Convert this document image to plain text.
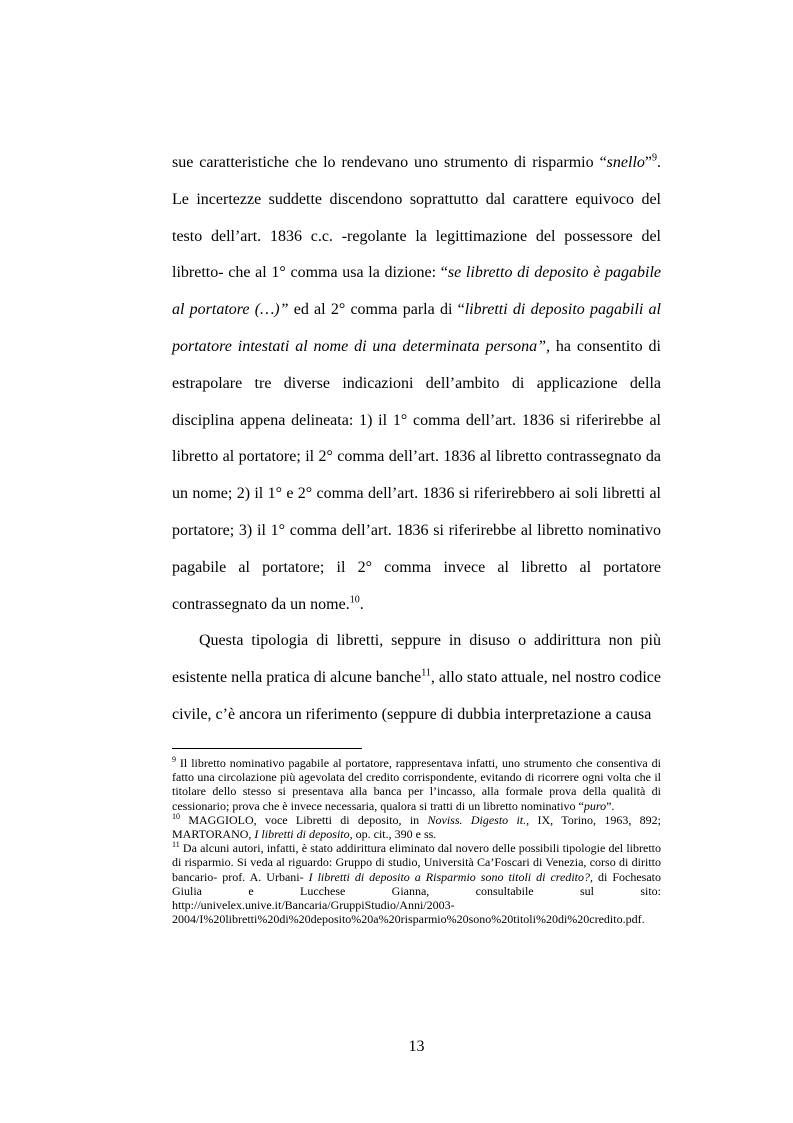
sue caratteristiche che lo rendevano uno strumento di risparmio “snello”$^9$. Le incertezze suddette discendono soprattutto dal carattere equivoco del testo dell’art. 1836 c.c. -regolante la legittimazione del possessore del libretto- che al 1° comma usa la dizione: “se libretto di deposito è pagabile al portatore (…)” ed al 2° comma parla di “libretti di deposito pagabili al portatore intestati al nome di una determinata persona”, ha consentito di estrapolare tre diverse indicazioni dell’ambito di applicazione della disciplina appena delineata: 1) il 1° comma dell’art. 1836 si riferirebbe al libretto al portatore; il 2° comma dell’art. 1836 al libretto contrassegnato da un nome; 2) il 1° e 2° comma dell’art. 1836 si riferirebbero ai soli libretti al portatore; 3) il 1° comma dell’art. 1836 si riferirebbe al libretto nominativo pagabile al portatore; il 2° comma invece al libretto al portatore contrassegnato da un nome.$^{10}$.

Questa tipologia di libretti, seppure in disuso o addirittura non più esistente nella pratica di alcune banche$^{11}$, allo stato attuale, nel nostro codice civile, c’è ancora un riferimento (seppure di dubbia interpretazione a causa

$^9$ Il libretto nominativo pagabile al portatore, rappresentava infatti, uno strumento che consentiva di fatto una circolazione più agevolata del credito corrispondente, evitando di ricorrere ogni volta che il titolare dello stesso si presentava alla banca per l’incasso, alla formale prova della qualità di cessionario; prova che è invece necessaria, qualora si tratti di un libretto nominativo “puro”.

$^{10}$ MAGGIOLO, voce Libretti di deposito, in Noviss. Digesto it., IX, Torino, 1963, 892; MARTORANO, I libretti di deposito, op. cit., 390 e ss.

$^{11}$ Da alcuni autori, infatti, è stato addirittura eliminato dal novero delle possibili tipologie del libretto di risparmio. Si veda al riguardo: Gruppo di studio, Università Ca’Foscari di Venezia, corso di diritto bancario- prof. A. Urbani- I libretti di deposito a Risparmio sono titoli di credito?, di Fochesato Giulia e Lucchese Gianna, consultabile sul sito: http://univelex.unive.it/Bancaria/GruppiStudio/Anni/2003-
2004/I%20libretti%20di%20deposito%20a%20risparmio%20sono%20titoli%20di%20credito.pdf.

13
